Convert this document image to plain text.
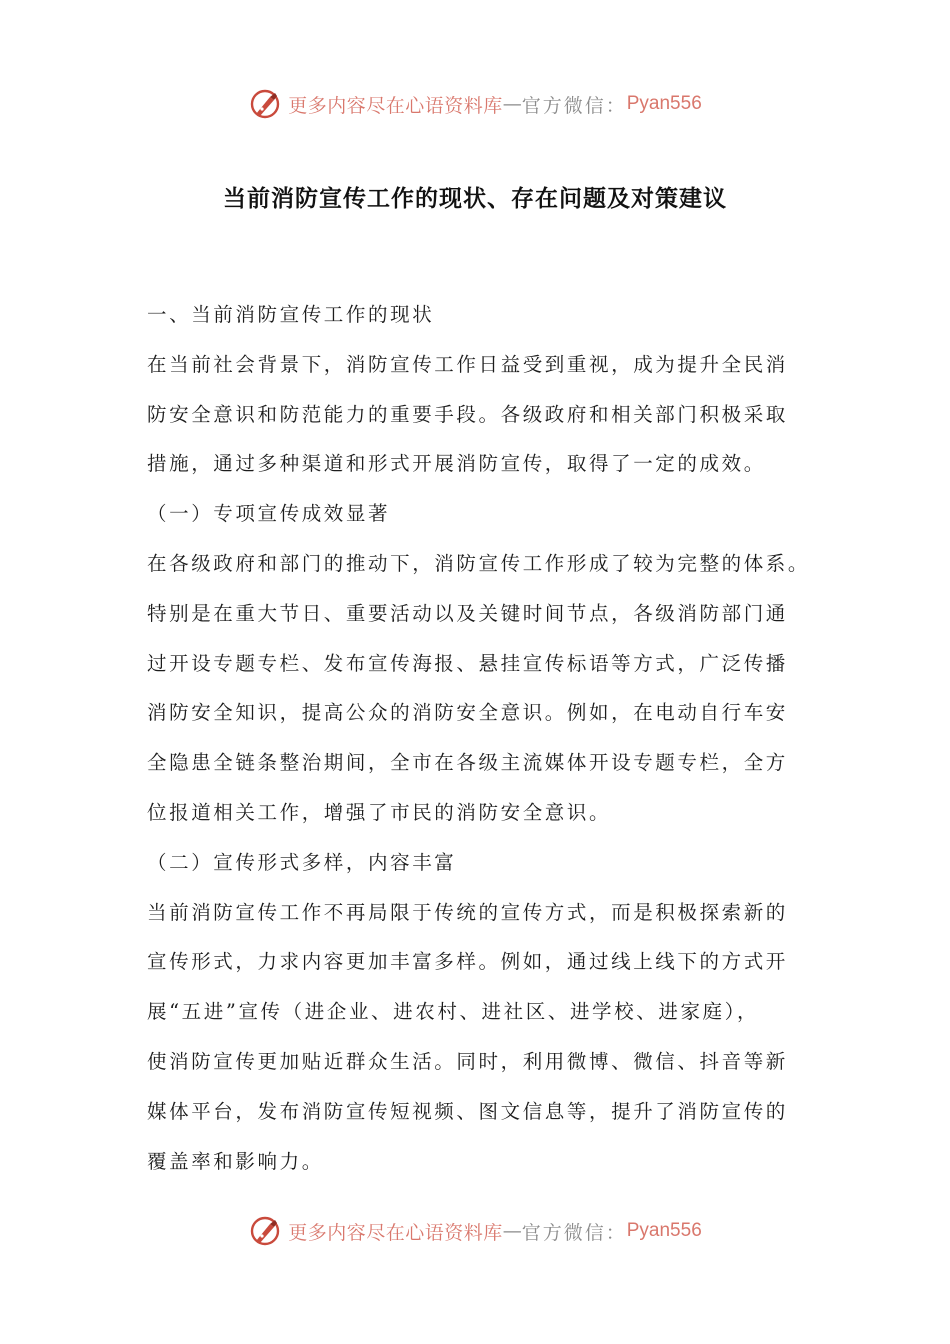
更多内容尽在心语资料库 — 官方微信： Pyan556
当前消防宣传工作的现状、存在问题及对策建议
一、当前消防宣传工作的现状
在当前社会背景下，消防宣传工作日益受到重视，成为提升全民消
防安全意识和防范能力的重要手段。各级政府和相关部门积极采取
措施，通过多种渠道和形式开展消防宣传，取得了一定的成效。
（一）专项宣传成效显著
在各级政府和部门的推动下，消防宣传工作形成了较为完整的体系。
特别是在重大节日、重要活动以及关键时间节点，各级消防部门通
过开设专题专栏、发布宣传海报、悬挂宣传标语等方式，广泛传播
消防安全知识，提高公众的消防安全意识。例如，在电动自行车安
全隐患全链条整治期间，全市在各级主流媒体开设专题专栏，全方
位报道相关工作，增强了市民的消防安全意识。
（二）宣传形式多样，内容丰富
当前消防宣传工作不再局限于传统的宣传方式，而是积极探索新的
宣传形式，力求内容更加丰富多样。例如，通过线上线下的方式开
展“五进”宣传（进企业、进农村、进社区、进学校、进家庭），
使消防宣传更加贴近群众生活。同时，利用微博、微信、抖音等新
媒体平台，发布消防宣传短视频、图文信息等，提升了消防宣传的
覆盖率和影响力。
更多内容尽在心语资料库 — 官方微信： Pyan556
